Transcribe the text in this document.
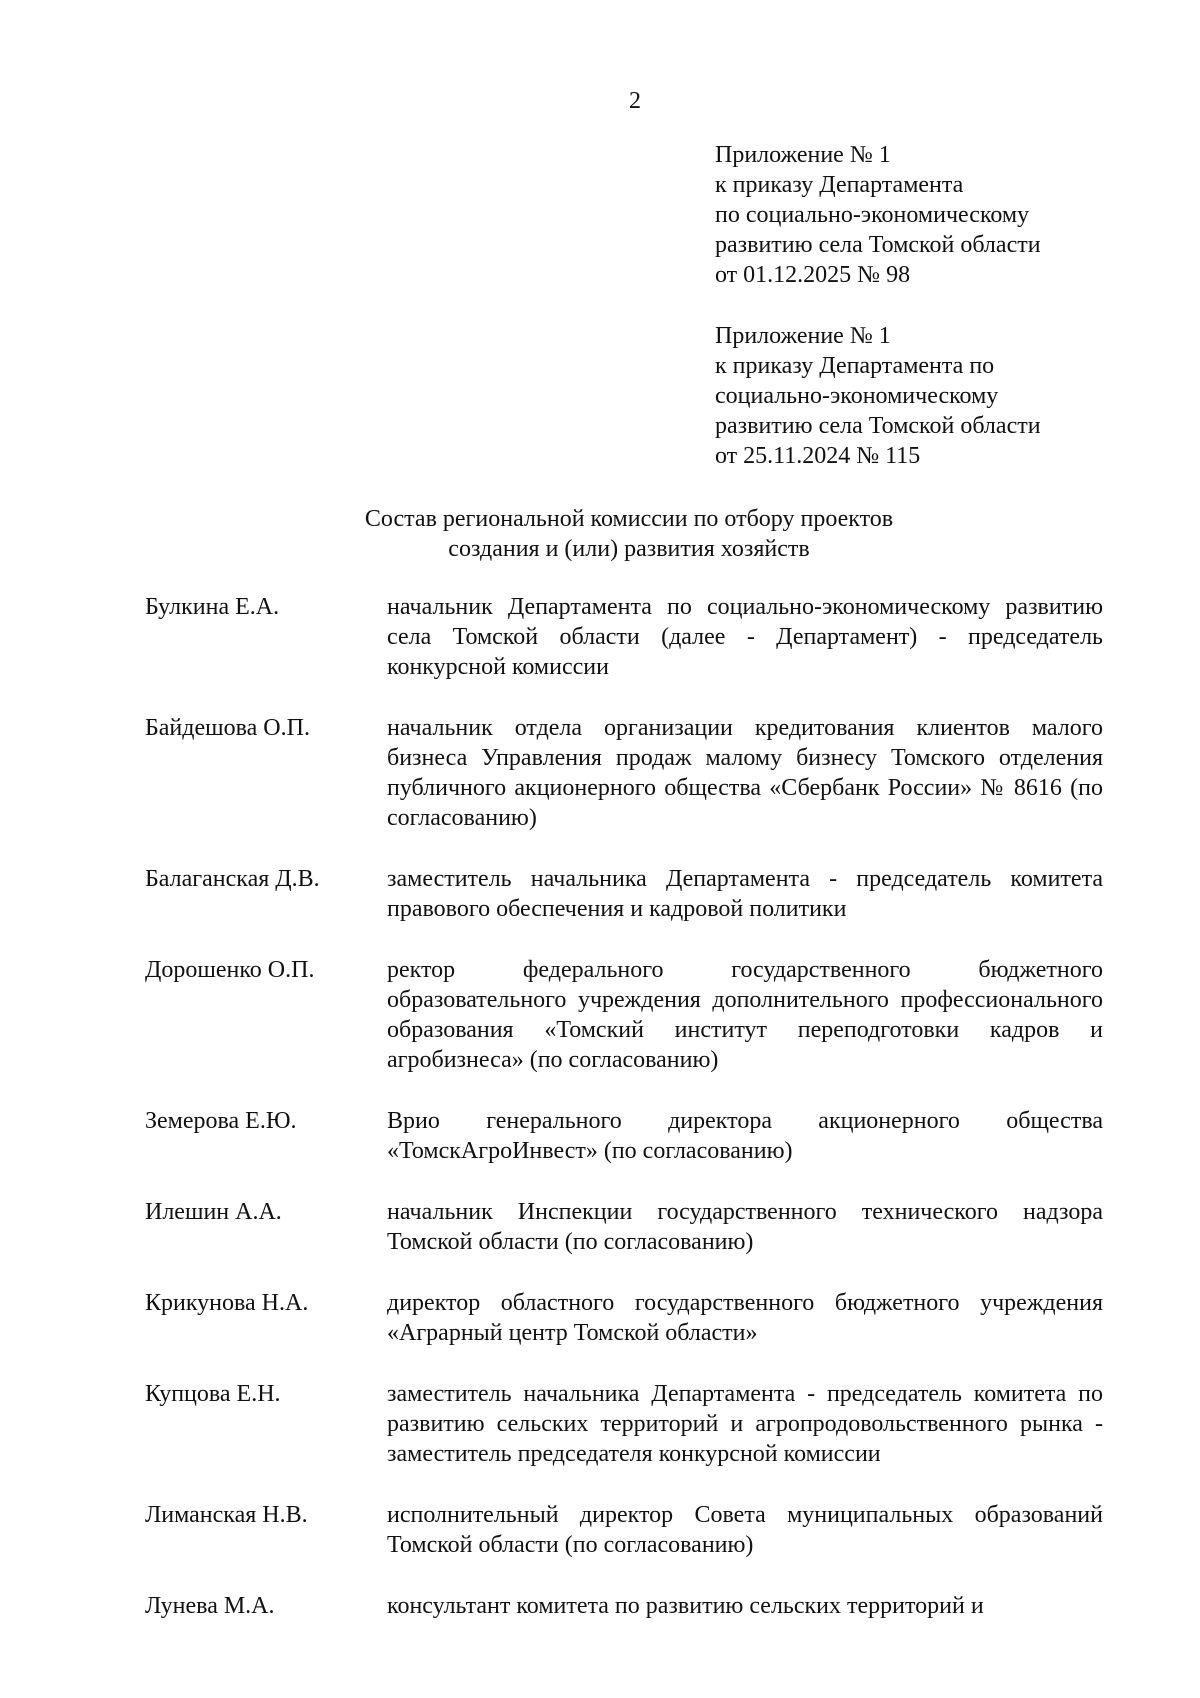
2
Приложение № 1
к приказу Департамента
по социально-экономическому
развитию села Томской области
от 01.12.2025 № 98
Приложение № 1
к приказу Департамента по
социально-экономическому
развитию села Томской области
от 25.11.2024 № 115
Состав региональной комиссии по отбору проектов
создания и (или) развития хозяйств
Булкина Е.А.	начальник Департамента по социально-экономическому развитию села Томской области (далее - Департамент) - председатель конкурсной комиссии
Байдешова О.П.	начальник отдела организации кредитования клиентов малого бизнеса Управления продаж малому бизнесу Томского отделения публичного акционерного общества «Сбербанк России» № 8616 (по согласованию)
Балаганская Д.В.	заместитель начальника Департамента - председатель комитета правового обеспечения и кадровой политики
Дорошенко О.П.	ректор федерального государственного бюджетного образовательного учреждения дополнительного профессионального образования «Томский институт переподготовки кадров и агробизнеса» (по согласованию)
Земерова Е.Ю.	Врио генерального директора акционерного общества «ТомскАгроИнвест» (по согласованию)
Илешин А.А.	начальник Инспекции государственного технического надзора Томской области (по согласованию)
Крикунова Н.А.	директор областного государственного бюджетного учреждения «Аграрный центр Томской области»
Купцова Е.Н.	заместитель начальника Департамента - председатель комитета по развитию сельских территорий и агропродовольственного рынка - заместитель председателя конкурсной комиссии
Лиманская Н.В.	исполнительный директор Совета муниципальных образований Томской области (по согласованию)
Лунева М.А.	консультант комитета по развитию сельских территорий и
